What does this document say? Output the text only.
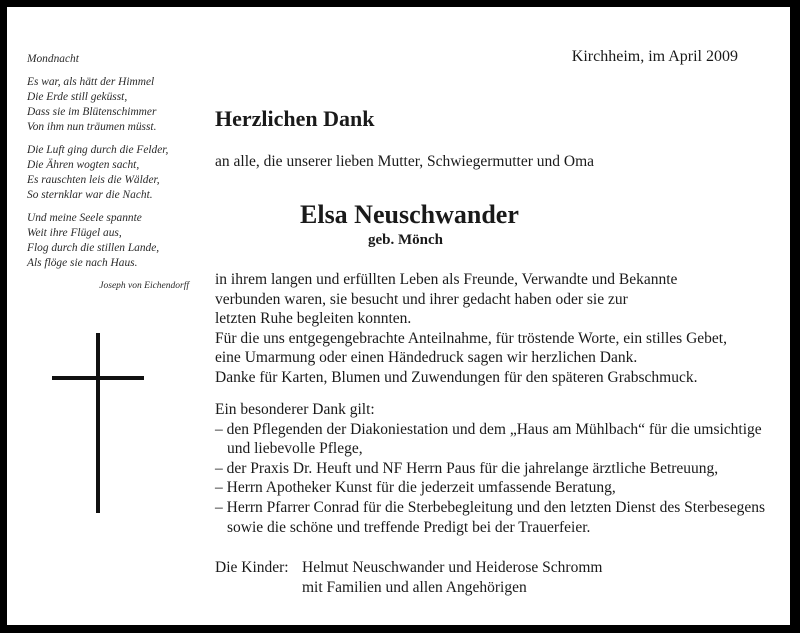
Mondnacht
Es war, als hätt der Himmel
Die Erde still geküsst,
Dass sie im Blütenschimmer
Von ihm nun träumen müsst.
Die Luft ging durch die Felder,
Die Ähren wogten sacht,
Es rauschten leis die Wälder,
So sternklar war die Nacht.
Und meine Seele spannte
Weit ihre Flügel aus,
Flog durch die stillen Lande,
Als flöge sie nach Haus.
Joseph von Eichendorff
Kirchheim, im April 2009
Herzlichen Dank
an alle, die unserer lieben Mutter, Schwiegermutter und Oma
Elsa Neuschwander
geb. Mönch
in ihrem langen und erfüllten Leben als Freunde, Verwandte und Bekannte
verbunden waren, sie besucht und ihrer gedacht haben oder sie zur
letzten Ruhe begleiten konnten.
Für die uns entgegengebrachte Anteilnahme, für tröstende Worte, ein stilles Gebet,
eine Umarmung oder einen Händedruck sagen wir herzlichen Dank.
Danke für Karten, Blumen und Zuwendungen für den späteren Grabschmuck.
Ein besonderer Dank gilt:
– den Pflegenden der Diakoniestation und dem „Haus am Mühlbach“ für die umsichtige und liebevolle Pflege,
– der Praxis Dr. Heuft und NF Herrn Paus für die jahrelange ärztliche Betreuung,
– Herrn Apotheker Kunst für die jederzeit umfassende Beratung,
– Herrn Pfarrer Conrad für die Sterbebegleitung und den letzten Dienst des Sterbesegens sowie die schöne und treffende Predigt bei der Trauerfeier.
Die Kinder: Helmut Neuschwander und Heiderose Schromm
mit Familien und allen Angehörigen
